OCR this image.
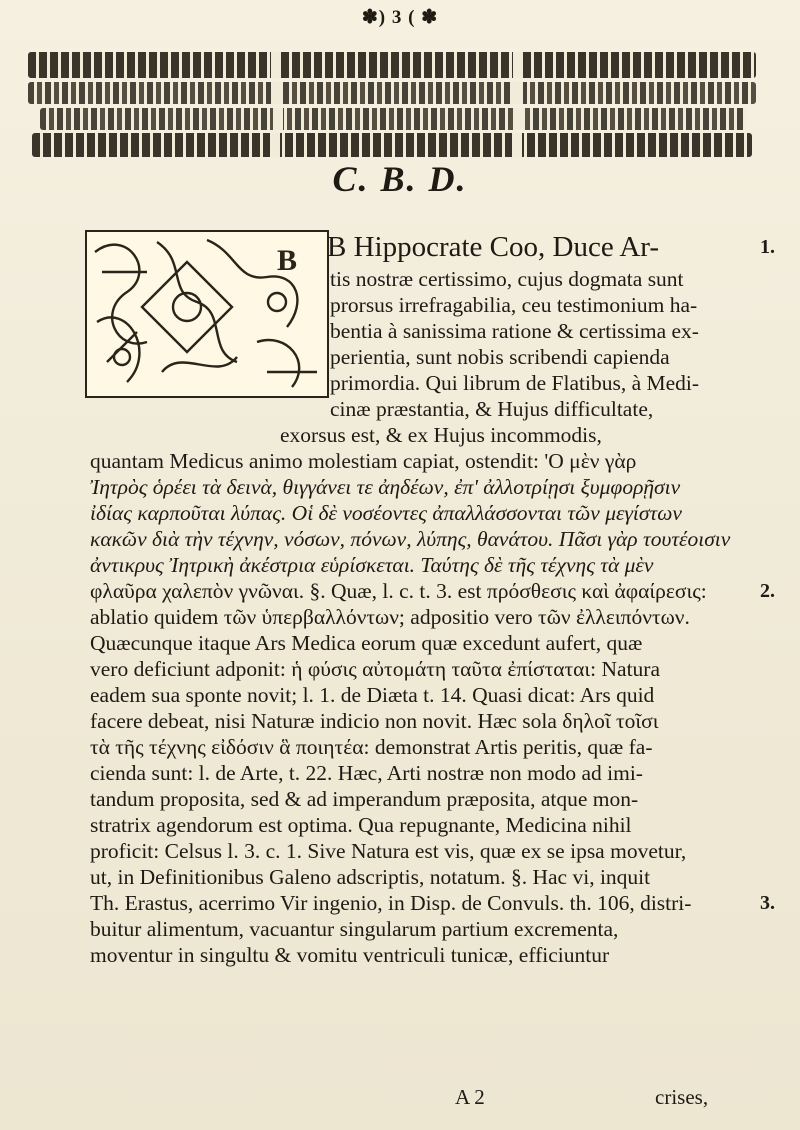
✽) 3 ( ✽
C. B. D.
B B Hippocrate Coo, Duce Ar-
tis nostræ certissimo, cujus dogmata sunt
prorsus irrefragabilia, ceu testimonium ha-
bentia à sanissima ratione & certissima ex-
perientia, sunt nobis scribendi capienda
primordia. Qui librum de Flatibus, à Medi-
cinæ præstantia, & Hujus difficultate,
exorsus est, & ex Hujus incommodis,
quantam Medicus animo molestiam capiat, ostendit: 'Ο μὲν γὰρ
Ἰητρὸς ὁρέει τὰ δεινὰ, θιγγάνει τε ἀηδέων, ἐπ' ἀλλοτρίῃσι ξυμφορῇσιν
ἰδίας καρποῦται λύπας. Οἱ δὲ νοσέοντες ἀπαλλάσσονται τῶν μεγίστων
κακῶν διὰ τὴν τέχνην, νόσων, πόνων, λύπης, θανάτου. Πᾶσι γὰρ τουτέοισιν
ἀντικρυς Ἰητρικὴ ἀκέστρια εὑρίσκεται. Ταύτης δὲ τῆς τέχνης τὰ μὲν
φλαῦρα χαλεπὸν γνῶναι. §. Quæ, l. c. t. 3. est πρόσθεσις καὶ ἀφαίρεσις:
ablatio quidem τῶν ὑπερβαλλόντων; adpositio vero τῶν ἐλλειπόντων.
Quæcunque itaque Ars Medica eorum quæ excedunt aufert, quæ
vero deficiunt adponit: ἡ φύσις αὐτομάτη ταῦτα ἐπίσταται: Natura
eadem sua sponte novit; l. 1. de Diæta t. 14. Quasi dicat: Ars quid
facere debeat, nisi Naturæ indicio non novit. Hæc sola δηλοῖ τοῖσι
τὰ τῆς τέχνης εἰδόσιν ἃ ποιητέα: demonstrat Artis peritis, quæ fa-
cienda sunt: l. de Arte, t. 22. Hæc, Arti nostræ non modo ad imi-
tandum proposita, sed & ad imperandum præposita, atque mon-
stratrix agendorum est optima. Qua repugnante, Medicina nihil
proficit: Celsus l. 3. c. 1. Sive Natura est vis, quæ ex se ipsa movetur,
ut, in Definitionibus Galeno adscriptis, notatum. §. Hac vi, inquit
Th. Erastus, acerrimo Vir ingenio, in Disp. de Convuls. th. 106, distri-
buitur alimentum, vacuantur singularum partium excrementa,
moventur in singultu & vomitu ventriculi tunicæ, efficiuntur
1.
2.
3.
A 2	crises,
